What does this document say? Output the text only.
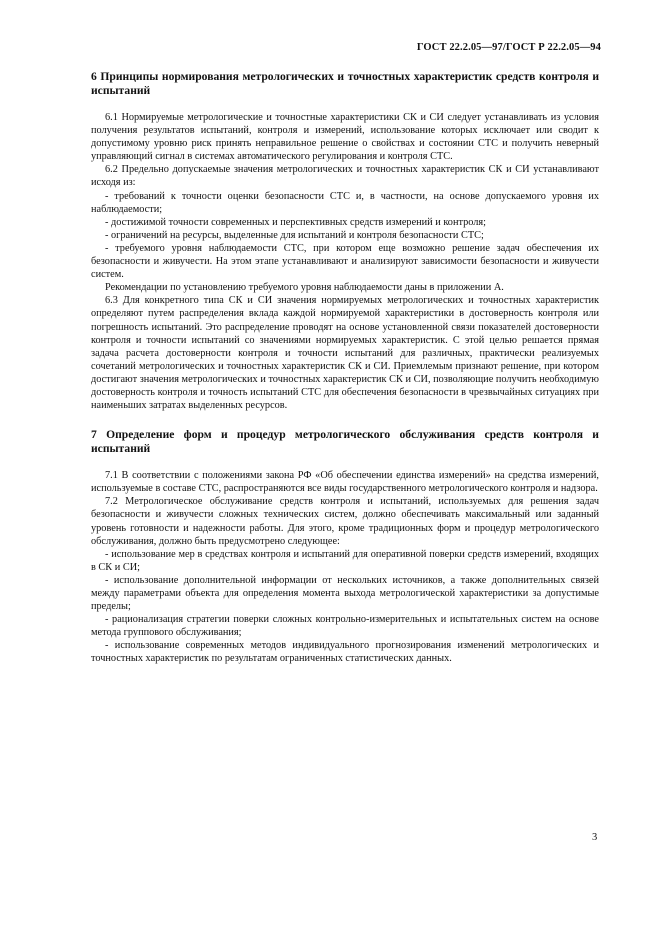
ГОСТ 22.2.05—97/ГОСТ Р 22.2.05—94
6 Принципы нормирования метрологических и точностных характеристик средств контроля и испытаний

6.1 Нормируемые метрологические и точностные характеристики СК и СИ следует устанавливать из условия получения результатов испытаний, контроля и измерений, использование которых исключает или сводит к допустимому уровню риск принять неправильное решение о свойствах и состоянии СТС и получить неверный управляющий сигнал в системах автоматического регулирования и контроля СТС.

6.2 Предельно допускаемые значения метрологических и точностных характеристик СК и СИ устанавливают исходя из:

- требований к точности оценки безопасности СТС и, в частности, на основе допускаемого уровня их наблюдаемости;

- достижимой точности современных и перспективных средств измерений и контроля;

- ограничений на ресурсы, выделенные для испытаний и контроля безопасности СТС;

- требуемого уровня наблюдаемости СТС, при котором еще возможно решение задач обеспечения их безопасности и живучести. На этом этапе устанавливают и анализируют зависимости безопасности и живучести систем.

Рекомендации по установлению требуемого уровня наблюдаемости даны в приложении А.

6.3 Для конкретного типа СК и СИ значения нормируемых метрологических и точностных характеристик определяют путем распределения вклада каждой нормируемой характеристики в достоверность контроля или погрешность испытаний. Это распределение проводят на основе установленной связи показателей достоверности контроля и точности испытаний со значениями нормируемых характеристик. С этой целью решается прямая задача расчета достоверности контроля и точности испытаний для различных, практически реализуемых сочетаний метрологических и точностных характеристик СК и СИ. Приемлемым признают решение, при котором достигают значения метрологических и точностных характеристик СК и СИ, позволяющие получить необходимую достоверность контроля и точность испытаний СТС для обеспечения безопасности в чрезвычайных ситуациях при наименьших затратах выделенных ресурсов.

7 Определение форм и процедур метрологического обслуживания средств контроля и испытаний

7.1 В соответствии с положениями закона РФ «Об обеспечении единства измерений» на средства измерений, используемые в составе СТС, распространяются все виды государственного метрологического контроля и надзора.

7.2 Метрологическое обслуживание средств контроля и испытаний, используемых для решения задач безопасности и живучести сложных технических систем, должно обеспечивать максимальный или заданный уровень готовности и надежности работы. Для этого, кроме традиционных форм и процедур метрологического обслуживания, должно быть предусмотрено следующее:

- использование мер в средствах контроля и испытаний для оперативной поверки средств измерений, входящих в СК и СИ;

- использование дополнительной информации от нескольких источников, а также дополнительных связей между параметрами объекта для определения момента выхода метрологической характеристики за допустимые пределы;

- рационализация стратегии поверки сложных контрольно-измерительных и испытательных систем на основе метода группового обслуживания;

- использование современных методов индивидуального прогнозирования изменений метрологических и точностных характеристик по результатам ограниченных статистических данных.

3
